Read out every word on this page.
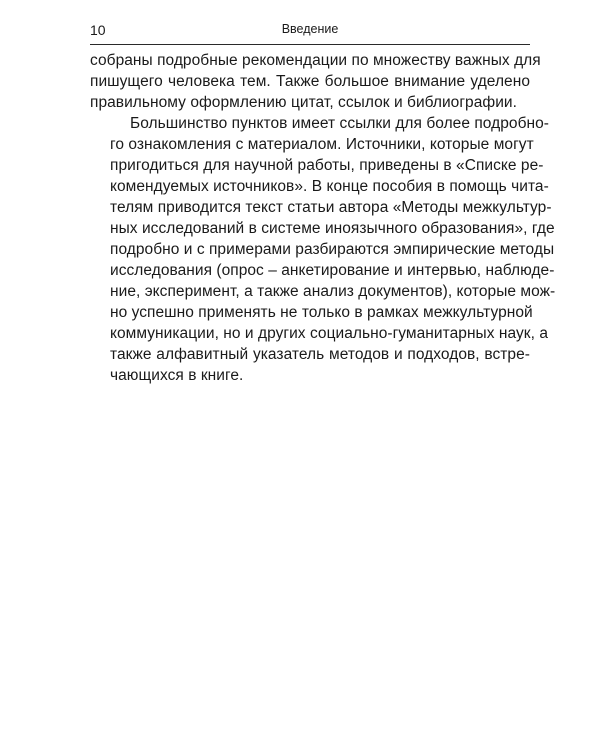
10	Введение

собраны подробные рекомендации по множеству важных для
пишущего человека тем. Также большое внимание уделено
правильному оформлению цитат, ссылок и библиографии.

Большинство пунктов имеет ссылки для более подробно-
го ознакомления с материалом. Источники, которые могут
пригодиться для научной работы, приведены в «Списке ре-
комендуемых источников». В конце пособия в помощь чита-
телям приводится текст статьи автора «Методы межкультур-
ных исследований в системе иноязычного образования», где
подробно и с примерами разбираются эмпирические методы
исследования (опрос – анкетирование и интервью, наблюде-
ние, эксперимент, а также анализ документов), которые мож-
но успешно применять не только в рамках межкультурной
коммуникации, но и других социально-гуманитарных наук, а
также алфавитный указатель методов и подходов, встре-
чающихся в книге.
